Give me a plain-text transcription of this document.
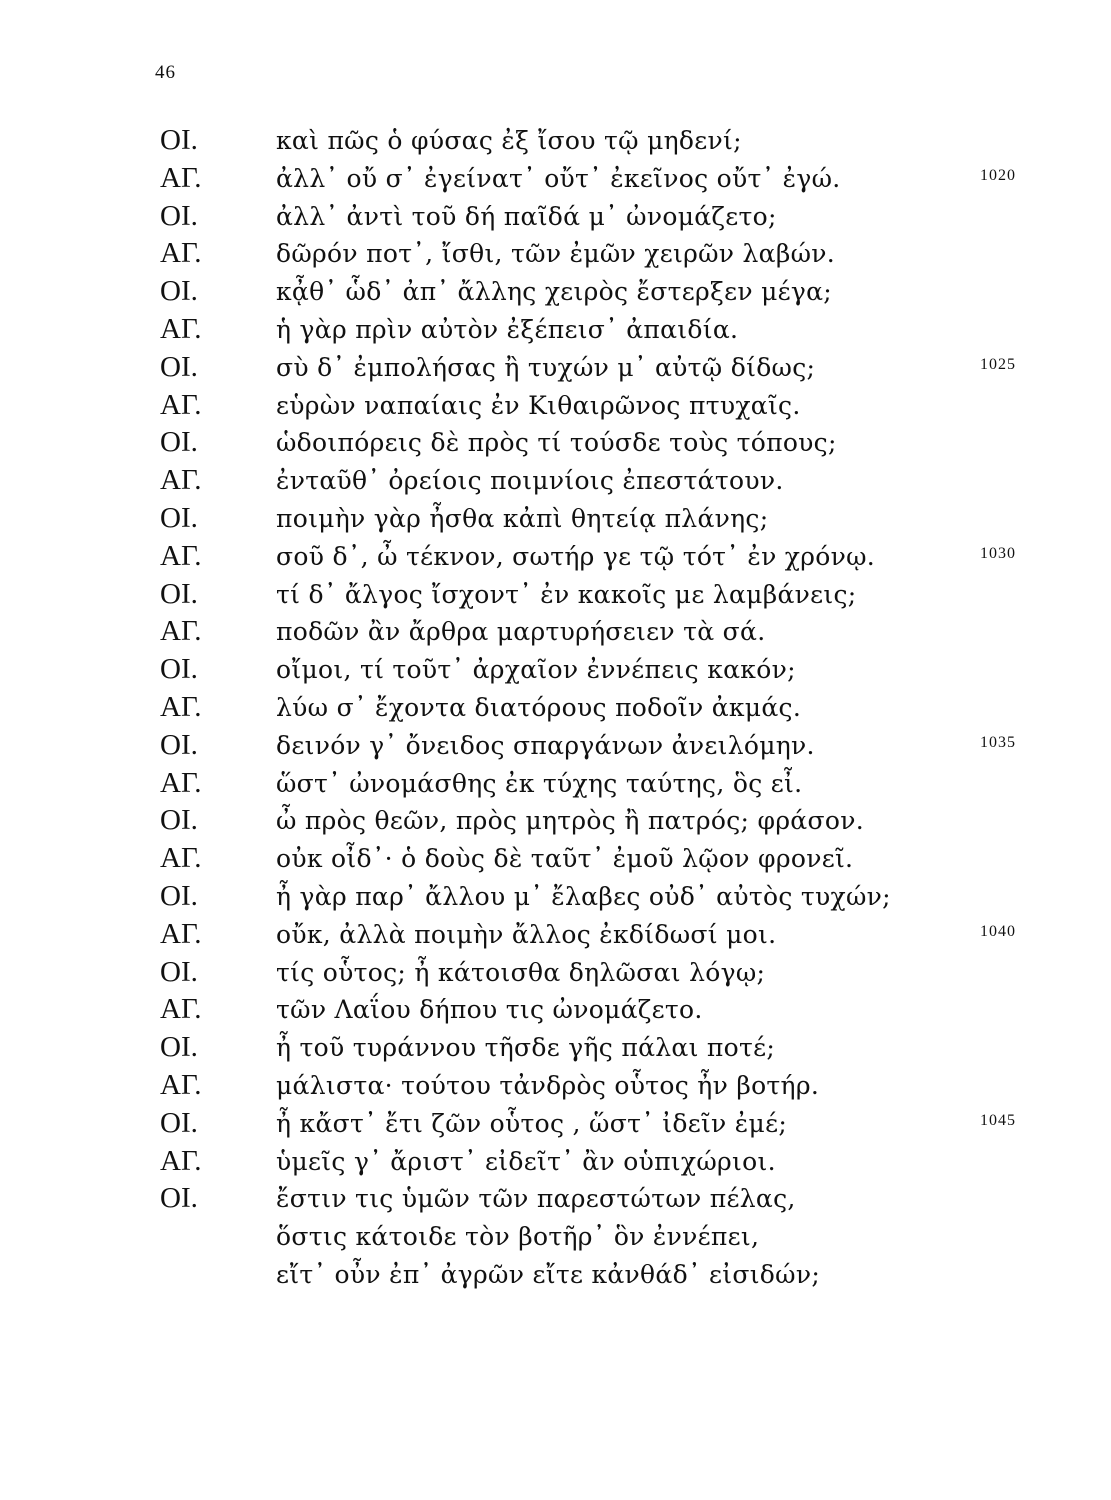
46
ΟΙ.	καὶ πῶς ὁ φύσας ἐξ ἴσου τῷ μηδενί;
ΑΓ.	ἀλλ᾽ οὔ σ᾽ ἐγείνατ᾽ οὔτ᾽ ἐκεῖνος οὔτ᾽ ἐγώ.	1020
ΟΙ.	ἀλλ᾽ ἀντὶ τοῦ δή παῖδά μ᾽ ὠνομάζετο;
ΑΓ.	δῶρόν ποτ᾽, ἴσθι, τῶν ἐμῶν χειρῶν λαβών.
ΟΙ.	κᾆθ᾽ ὧδ᾽ ἀπ᾽ ἄλλης χειρὸς ἔστερξεν μέγα;
ΑΓ.	ἡ γὰρ πρὶν αὐτὸν ἐξέπεισ᾽ ἀπαιδία.
ΟΙ.	σὺ δ᾽ ἐμπολήσας ἢ τυχών μ᾽ αὐτῷ δίδως;	1025
ΑΓ.	εὑρὼν ναπαίαις ἐν Κιθαιρῶνος πτυχαῖς.
ΟΙ.	ὡδοιπόρεις δὲ πρὸς τί τούσδε τοὺς τόπους;
ΑΓ.	ἐνταῦθ᾽ ὀρείοις ποιμνίοις ἐπεστάτουν.
ΟΙ.	ποιμὴν γὰρ ἦσθα κἀπὶ θητείᾳ πλάνης;
ΑΓ.	σοῦ δ᾽, ὦ τέκνον, σωτήρ γε τῷ τότ᾽ ἐν χρόνῳ.	1030
ΟΙ.	τί δ᾽ ἄλγος ἴσχοντ᾽ ἐν κακοῖς με λαμβάνεις;
ΑΓ.	ποδῶν ἂν ἄρθρα μαρτυρήσειεν τὰ σά.
ΟΙ.	οἴμοι, τί τοῦτ᾽ ἀρχαῖον ἐννέπεις κακόν;
ΑΓ.	λύω σ᾽ ἔχοντα διατόρους ποδοῖν ἀκμάς.
ΟΙ.	δεινόν γ᾽ ὄνειδος σπαργάνων ἀνειλόμην.	1035
ΑΓ.	ὥστ᾽ ὠνομάσθης ἐκ τύχης ταύτης, ὃς εἶ.
ΟΙ.	ὦ πρὸς θεῶν, πρὸς μητρὸς ἢ πατρός; φράσον.
ΑΓ.	οὐκ οἶδ᾽· ὁ δοὺς δὲ ταῦτ᾽ ἐμοῦ λῷον φρονεῖ.
ΟΙ.	ἦ γὰρ παρ᾽ ἄλλου μ᾽ ἔλαβες οὐδ᾽ αὐτὸς τυχών;
ΑΓ.	οὔκ, ἀλλὰ ποιμὴν ἄλλος ἐκδίδωσί μοι.	1040
ΟΙ.	τίς οὗτος; ἦ κάτοισθα δηλῶσαι λόγῳ;
ΑΓ.	τῶν Λαΐου δήπου τις ὠνομάζετο.
ΟΙ.	ἦ τοῦ τυράννου τῆσδε γῆς πάλαι ποτέ;
ΑΓ.	μάλιστα· τούτου τἀνδρὸς οὗτος ἦν βοτήρ.
ΟΙ.	ἦ κἄστ᾽ ἔτι ζῶν οὗτος , ὥστ᾽ ἰδεῖν ἐμέ;	1045
ΑΓ.	ὑμεῖς γ᾽ ἄριστ᾽ εἰδεῖτ᾽ ἂν οὑπιχώριοι.
ΟΙ.	ἔστιν τις ὑμῶν τῶν παρεστώτων πέλας,
ὅστις κάτοιδε τὸν βοτῆρ᾽ ὃν ἐννέπει,
εἴτ᾽ οὖν ἐπ᾽ ἀγρῶν εἴτε κἀνθάδ᾽ εἰσιδών;
